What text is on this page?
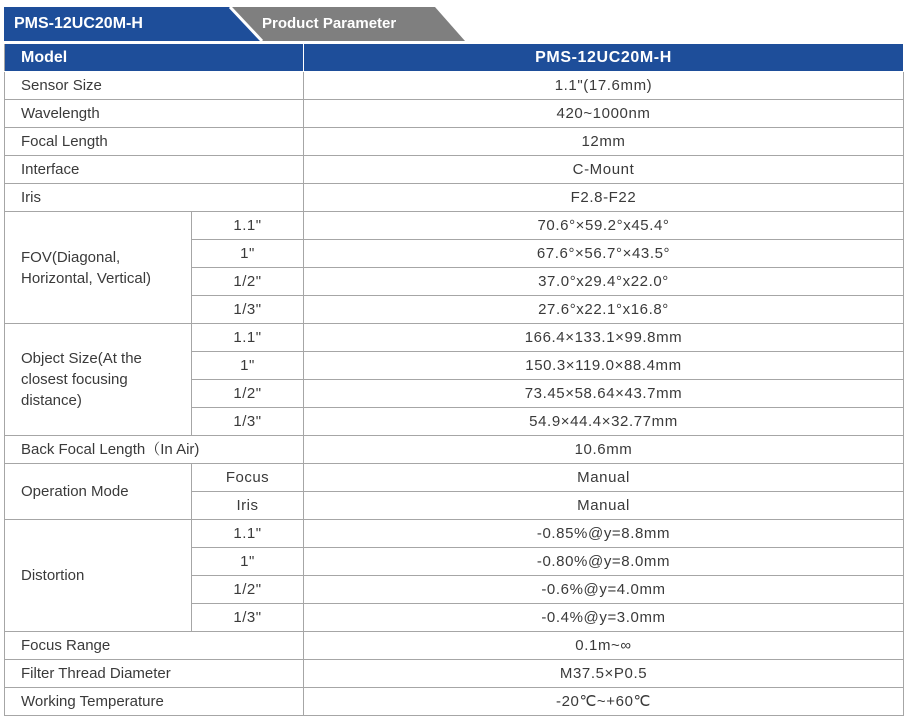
PMS-12UC20M-H	Product Parameter
Model		PMS-12UC20M-H
Sensor Size		1.1"(17.6mm)
Wavelength		420~1000nm
Focal Length		12mm
Interface		C-Mount
Iris		F2.8-F22
FOV(Diagonal, Horizontal, Vertical)	1.1"	70.6°×59.2°x45.4°
	1"	67.6°×56.7°×43.5°
	1/2"	37.0°x29.4°x22.0°
	1/3"	27.6°x22.1°x16.8°
Object Size(At the closest focusing distance)	1.1"	166.4×133.1×99.8mm
	1"	150.3×119.0×88.4mm
	1/2"	73.45×58.64×43.7mm
	1/3"	54.9×44.4×32.77mm
Back Focal Length（In Air)		10.6mm
Operation Mode	Focus	Manual
	Iris	Manual
Distortion	1.1"	-0.85%@y=8.8mm
	1"	-0.80%@y=8.0mm
	1/2"	-0.6%@y=4.0mm
	1/3"	-0.4%@y=3.0mm
Focus Range		0.1m~∞
Filter Thread Diameter		M37.5×P0.5
Working Temperature		-20℃~+60℃
